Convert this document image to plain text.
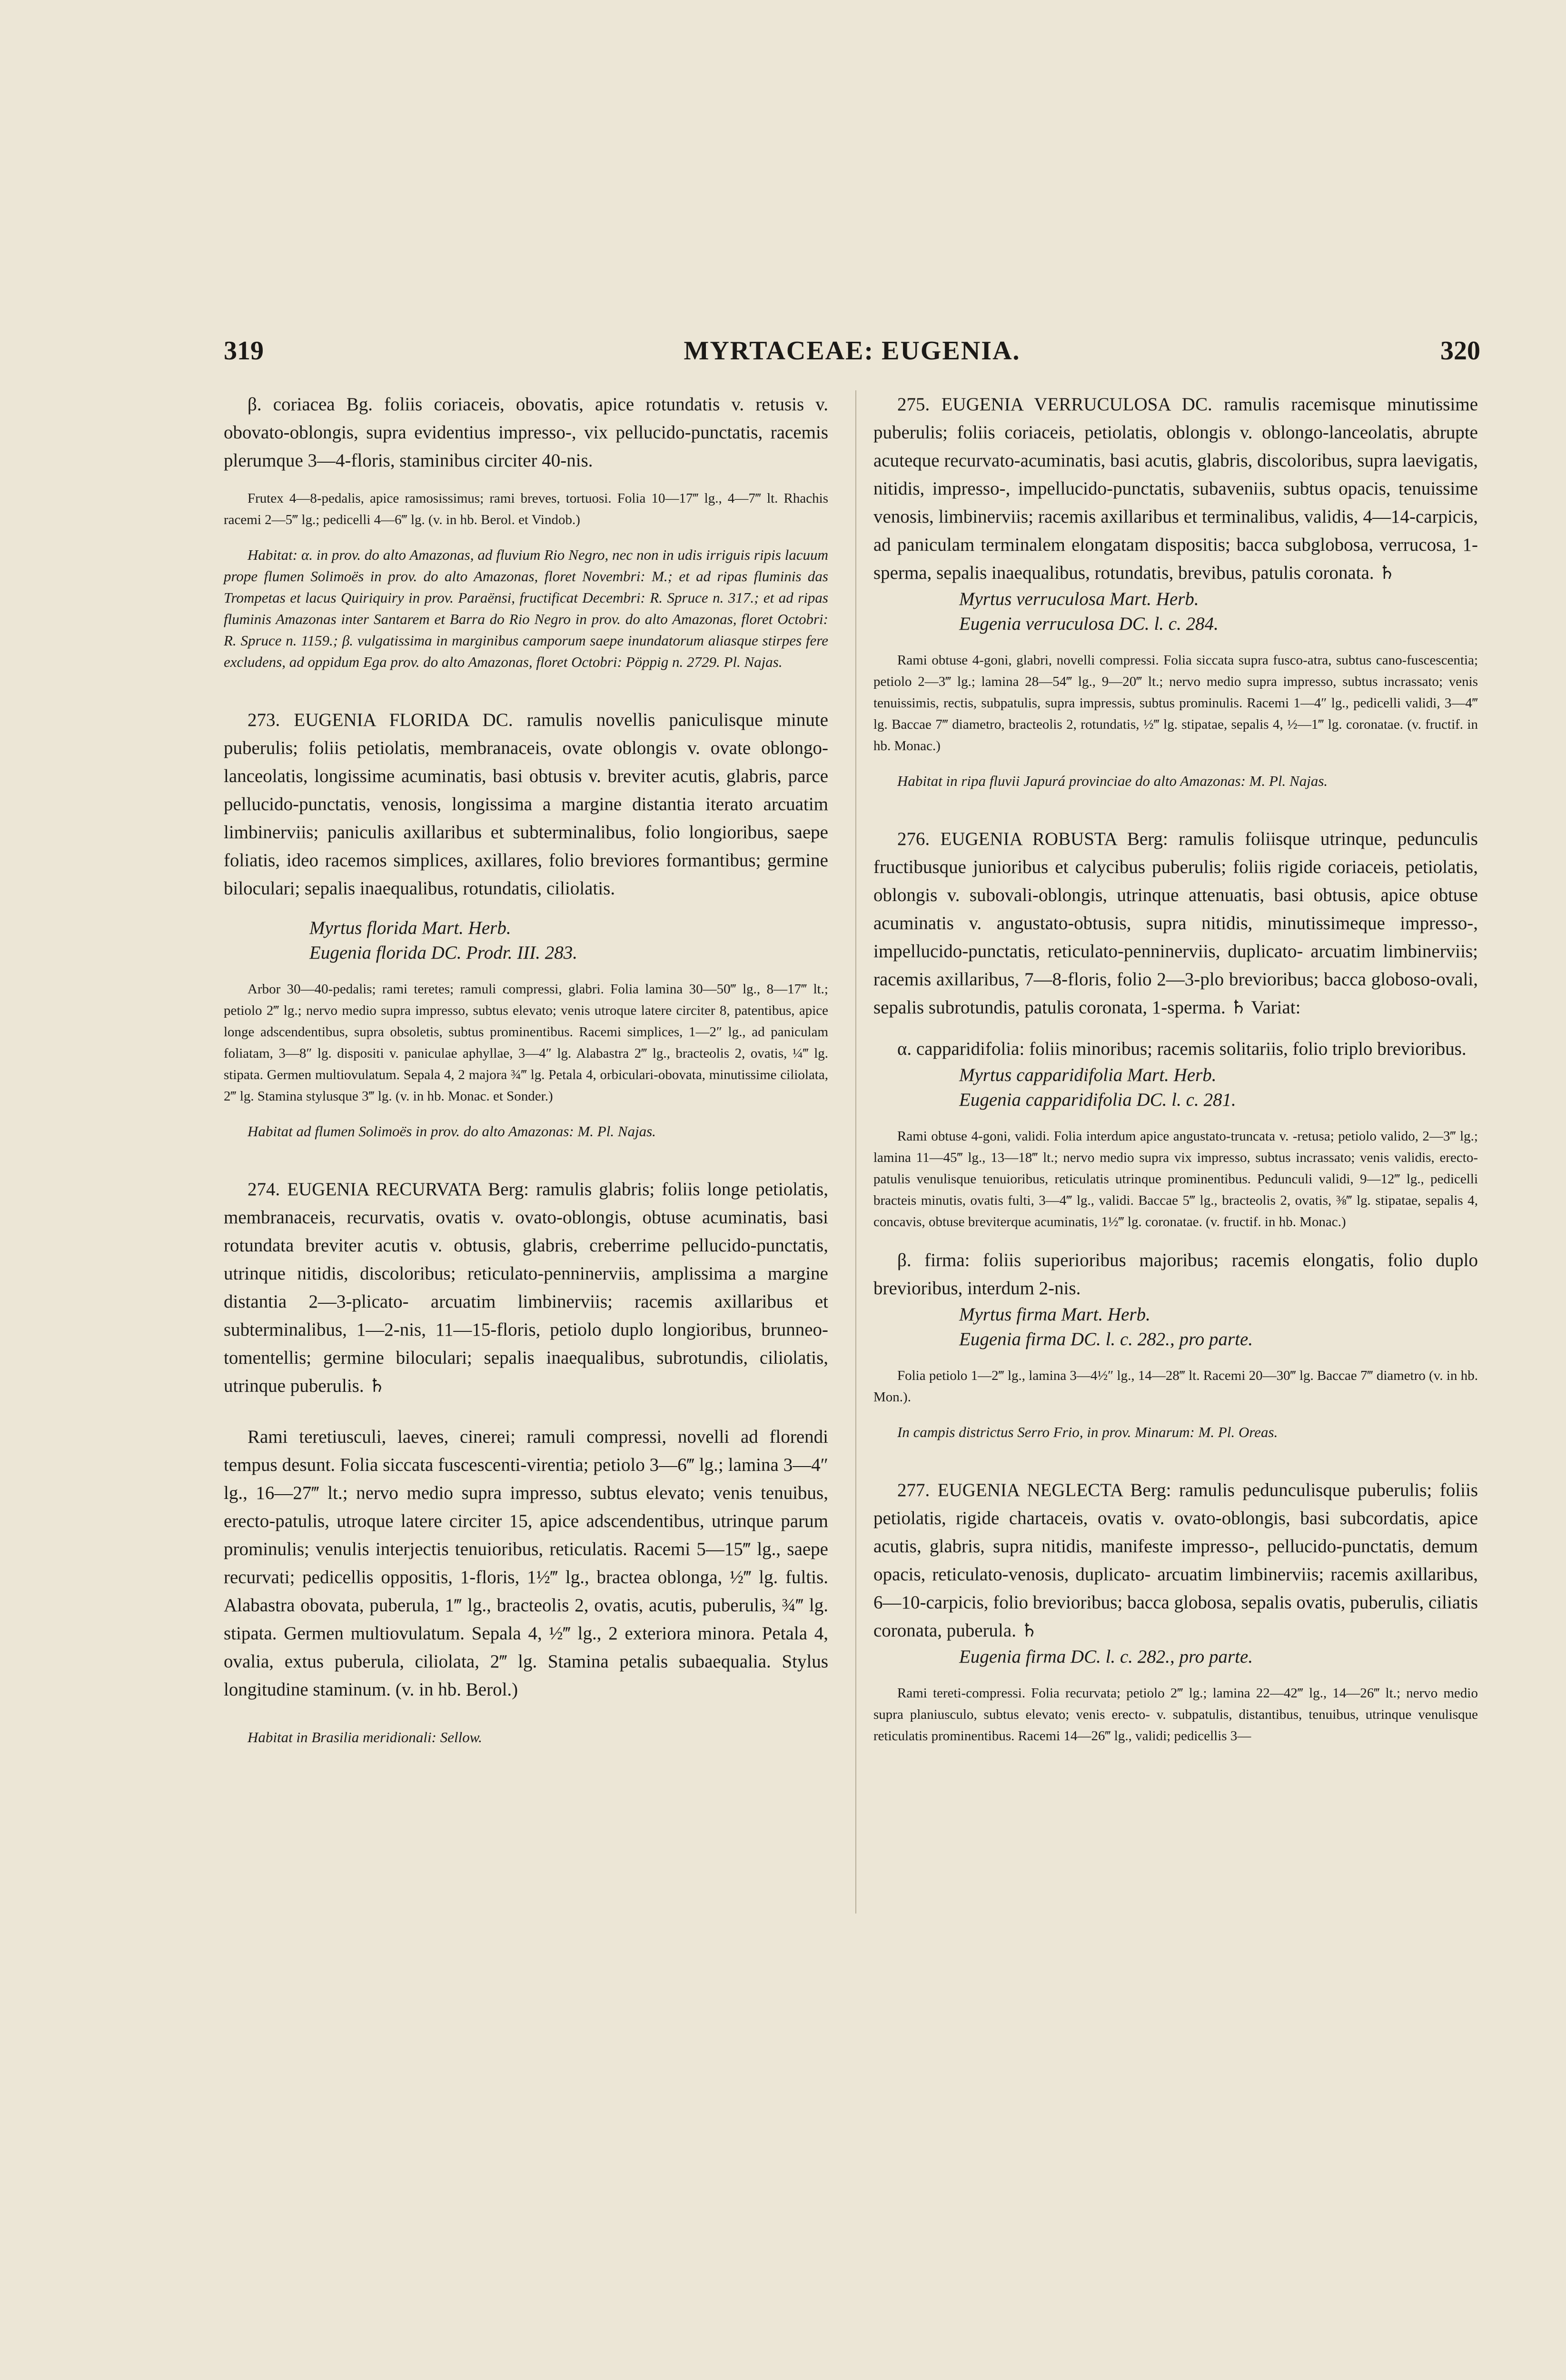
319	MYRTACEAE: EUGENIA.	320

β. coriacea Bg. foliis coriaceis, obovatis, apice rotundatis v. retusis v. obovato-oblongis, supra evidentius impresso-, vix pellucido-punctatis, racemis plerumque 3—4-floris, staminibus circiter 40-nis.

Frutex 4—8-pedalis, apice ramosissimus; rami breves, tortuosi. Folia 10—17‴ lg., 4—7‴ lt. Rhachis racemi 2—5‴ lg.; pedicelli 4—6‴ lg. (v. in hb. Berol. et Vindob.)

Habitat: α. in prov. do alto Amazonas, ad fluvium Rio Negro, nec non in udis irriguis ripis lacuum prope flumen Solimoës in prov. do alto Amazonas, floret Novembri: M.; et ad ripas fluminis das Trompetas et lacus Quiriquiry in prov. Paraënsi, fructificat Decembri: R. Spruce n. 317.; et ad ripas fluminis Amazonas inter Santarem et Barra do Rio Negro in prov. do alto Amazonas, floret Octobri: R. Spruce n. 1159.; β. vulgatissima in marginibus camporum saepe inundatorum aliasque stirpes fere excludens, ad oppidum Ega prov. do alto Amazonas, floret Octobri: Pöppig n. 2729. Pl. Najas.

273. EUGENIA FLORIDA DC. ramulis novellis paniculisque minute puberulis; foliis petiolatis, membranaceis, ovate oblongis v. ovate oblongo-lanceolatis, longissime acuminatis, basi obtusis v. breviter acutis, glabris, parce pellucido-punctatis, venosis, longissima a margine distantia iterato arcuatim limbinerviis; paniculis axillaribus et subterminalibus, folio longioribus, saepe foliatis, ideo racemos simplices, axillares, folio breviores formantibus; germine biloculari; sepalis inaequalibus, rotundatis, ciliolatis.

Myrtus florida Mart. Herb.

Eugenia florida DC. Prodr. III. 283.

Arbor 30—40-pedalis; rami teretes; ramuli compressi, glabri. Folia lamina 30—50‴ lg., 8—17‴ lt.; petiolo 2‴ lg.; nervo medio supra impresso, subtus elevato; venis utroque latere circiter 8, patentibus, apice longe adscendentibus, supra obsoletis, subtus prominentibus. Racemi simplices, 1—2″ lg., ad paniculam foliatam, 3—8″ lg. dispositi v. paniculae aphyllae, 3—4″ lg. Alabastra 2‴ lg., bracteolis 2, ovatis, ¼‴ lg. stipata. Germen multiovulatum. Sepala 4, 2 majora ¾‴ lg. Petala 4, orbiculari-obovata, minutissime ciliolata, 2‴ lg. Stamina stylusque 3‴ lg. (v. in hb. Monac. et Sonder.)

Habitat ad flumen Solimoës in prov. do alto Amazonas: M. Pl. Najas.

274. EUGENIA RECURVATA Berg: ramulis glabris; foliis longe petiolatis, membranaceis, recurvatis, ovatis v. ovato-oblongis, obtuse acuminatis, basi rotundata breviter acutis v. obtusis, glabris, creberrime pellucido-punctatis, utrinque nitidis, discoloribus; reticulato-penninerviis, amplissima a margine distantia 2—3-plicato- arcuatim limbinerviis; racemis axillaribus et subterminalibus, 1—2-nis, 11—15-floris, petiolo duplo longioribus, brunneo-tomentellis; germine biloculari; sepalis inaequalibus, subrotundis, ciliolatis, utrinque puberulis. ♄

Rami teretiusculi, laeves, cinerei; ramuli compressi, novelli ad florendi tempus desunt. Folia siccata fuscescenti-virentia; petiolo 3—6‴ lg.; lamina 3—4″ lg., 16—27‴ lt.; nervo medio supra impresso, subtus elevato; venis tenuibus, erecto-patulis, utroque latere circiter 15, apice adscendentibus, utrinque parum prominulis; venulis interjectis tenuioribus, reticulatis. Racemi 5—15‴ lg., saepe recurvati; pedicellis oppositis, 1-floris, 1½‴ lg., bractea oblonga, ½‴ lg. fultis. Alabastra obovata, puberula, 1‴ lg., bracteolis 2, ovatis, acutis, puberulis, ¾‴ lg. stipata. Germen multiovulatum. Sepala 4, ½‴ lg., 2 exteriora minora. Petala 4, ovalia, extus puberula, ciliolata, 2‴ lg. Stamina petalis subaequalia. Stylus longitudine staminum. (v. in hb. Berol.)

Habitat in Brasilia meridionali: Sellow.

275. EUGENIA VERRUCULOSA DC. ramulis racemisque minutissime puberulis; foliis coriaceis, petiolatis, oblongis v. oblongo-lanceolatis, abrupte acuteque recurvato-acuminatis, basi acutis, glabris, discoloribus, supra laevigatis, nitidis, impresso-, impellucido-punctatis, subaveniis, subtus opacis, tenuissime venosis, limbinerviis; racemis axillaribus et terminalibus, validis, 4—14-carpicis, ad paniculam terminalem elongatam dispositis; bacca subglobosa, verrucosa, 1-sperma, sepalis inaequalibus, rotundatis, brevibus, patulis coronata. ♄

Myrtus verruculosa Mart. Herb.

Eugenia verruculosa DC. l. c. 284.

Rami obtuse 4-goni, glabri, novelli compressi. Folia siccata supra fusco-atra, subtus cano-fuscescentia; petiolo 2—3‴ lg.; lamina 28—54‴ lg., 9—20‴ lt.; nervo medio supra impresso, subtus incrassato; venis tenuissimis, rectis, subpatulis, supra impressis, subtus prominulis. Racemi 1—4″ lg., pedicelli validi, 3—4‴ lg. Baccae 7‴ diametro, bracteolis 2, rotundatis, ½‴ lg. stipatae, sepalis 4, ½—1‴ lg. coronatae. (v. fructif. in hb. Monac.)

Habitat in ripa fluvii Japurá provinciae do alto Amazonas: M. Pl. Najas.

276. EUGENIA ROBUSTA Berg: ramulis foliisque utrinque, pedunculis fructibusque junioribus et calycibus puberulis; foliis rigide coriaceis, petiolatis, oblongis v. subovali-oblongis, utrinque attenuatis, basi obtusis, apice obtuse acuminatis v. angustato-obtusis, supra nitidis, minutissimeque impresso-, impellucido-punctatis, reticulato-penninerviis, duplicato- arcuatim limbinerviis; racemis axillaribus, 7—8-floris, folio 2—3-plo brevioribus; bacca globoso-ovali, sepalis subrotundis, patulis coronata, 1-sperma. ♄ Variat:

α. capparidifolia: foliis minoribus; racemis solitariis, folio triplo brevioribus.

Myrtus capparidifolia Mart. Herb.

Eugenia capparidifolia DC. l. c. 281.

Rami obtuse 4-goni, validi. Folia interdum apice angustato-truncata v. -retusa; petiolo valido, 2—3‴ lg.; lamina 11—45‴ lg., 13—18‴ lt.; nervo medio supra vix impresso, subtus incrassato; venis validis, erecto-patulis venulisque tenuioribus, reticulatis utrinque prominentibus. Pedunculi validi, 9—12‴ lg., pedicelli bracteis minutis, ovatis fulti, 3—4‴ lg., validi. Baccae 5‴ lg., bracteolis 2, ovatis, ⅜‴ lg. stipatae, sepalis 4, concavis, obtuse breviterque acuminatis, 1½‴ lg. coronatae. (v. fructif. in hb. Monac.)

β. firma: foliis superioribus majoribus; racemis elongatis, folio duplo brevioribus, interdum 2-nis.

Myrtus firma Mart. Herb.

Eugenia firma DC. l. c. 282., pro parte.

Folia petiolo 1—2‴ lg., lamina 3—4½″ lg., 14—28‴ lt. Racemi 20—30‴ lg. Baccae 7‴ diametro (v. in hb. Mon.).

In campis districtus Serro Frio, in prov. Minarum: M. Pl. Oreas.

277. EUGENIA NEGLECTA Berg: ramulis pedunculisque puberulis; foliis petiolatis, rigide chartaceis, ovatis v. ovato-oblongis, basi subcordatis, apice acutis, glabris, supra nitidis, manifeste impresso-, pellucido-punctatis, demum opacis, reticulato-venosis, duplicato- arcuatim limbinerviis; racemis axillaribus, 6—10-carpicis, folio brevioribus; bacca globosa, sepalis ovatis, puberulis, ciliatis coronata, puberula. ♄

Eugenia firma DC. l. c. 282., pro parte.

Rami tereti-compressi. Folia recurvata; petiolo 2‴ lg.; lamina 22—42‴ lg., 14—26‴ lt.; nervo medio supra planiusculo, subtus elevato; venis erecto- v. subpatulis, distantibus, tenuibus, utrinque venulisque reticulatis prominentibus. Racemi 14—26‴ lg., validi; pedicellis 3—
